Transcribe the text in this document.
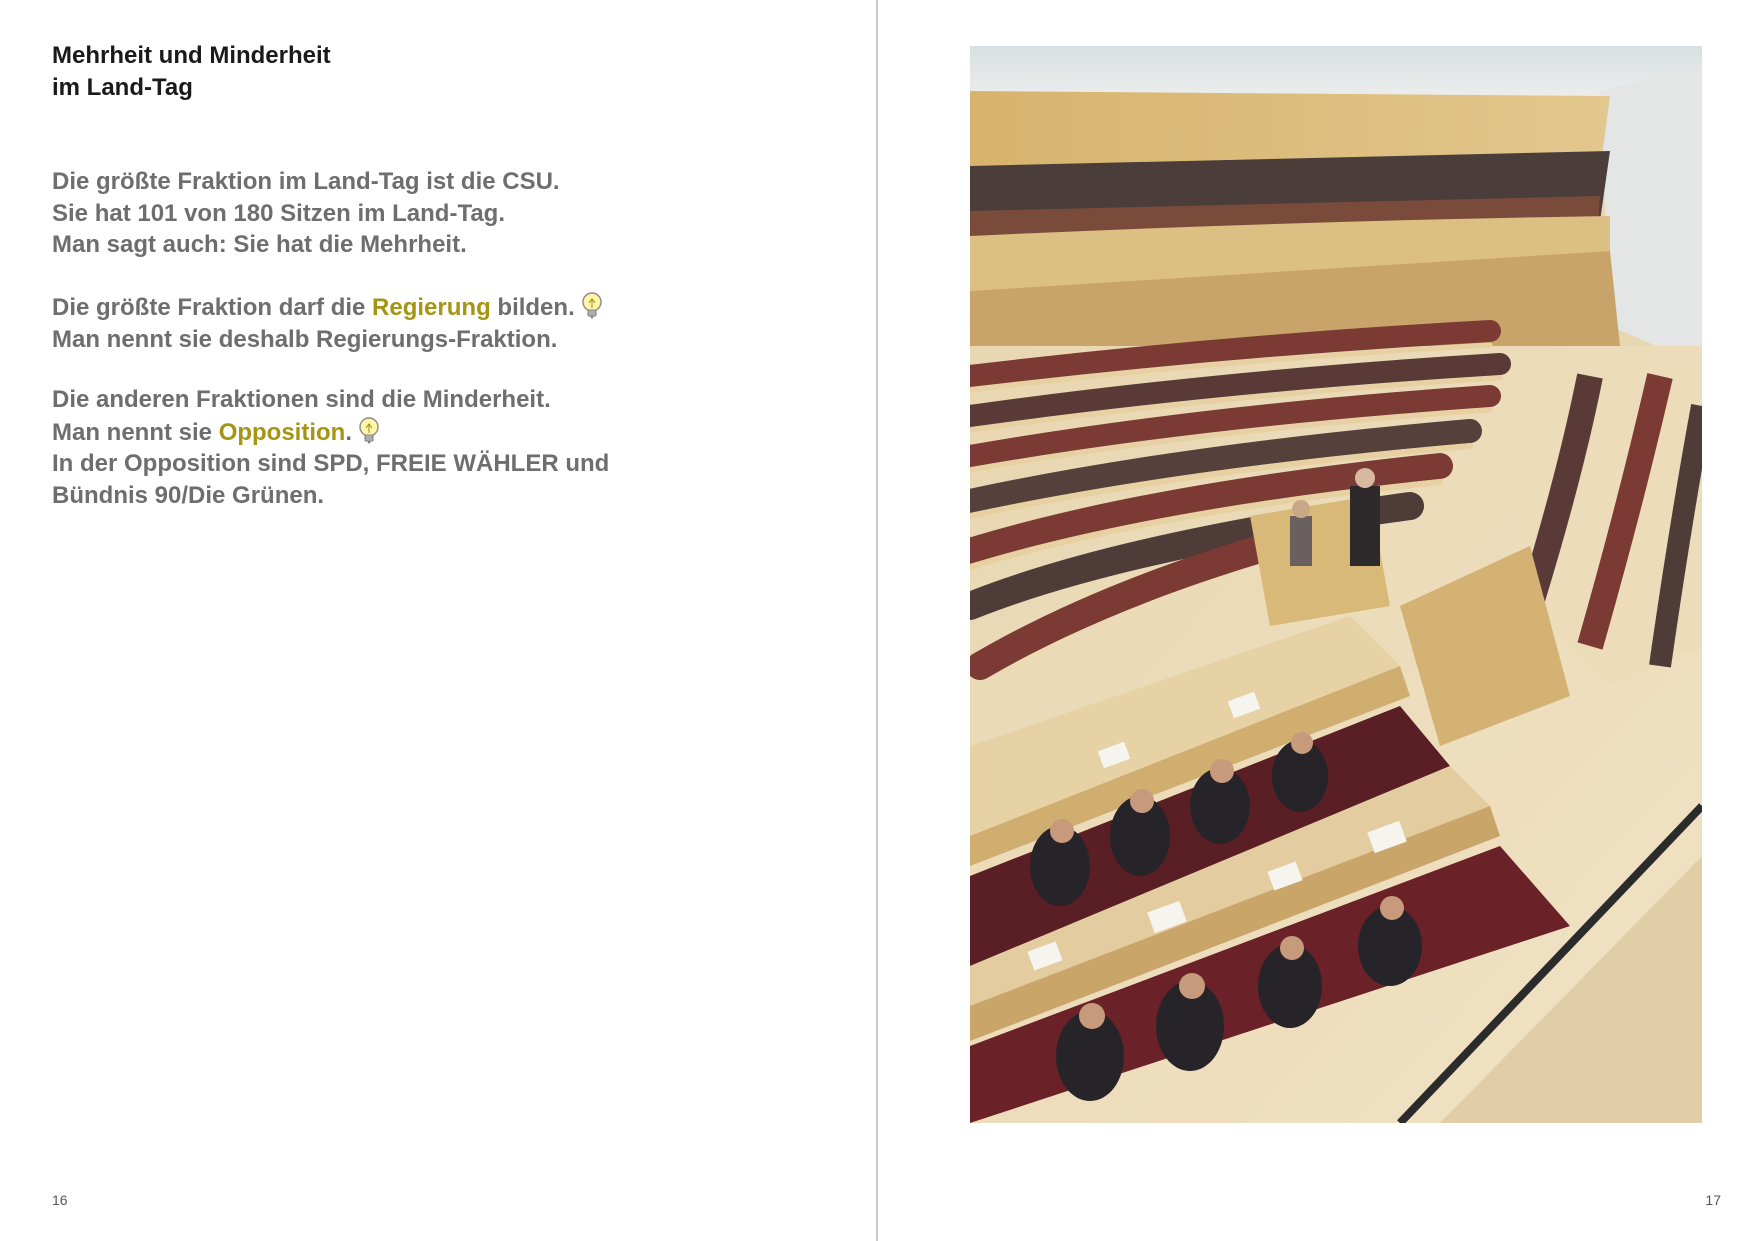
Mehrheit und Minderheit
im Land-Tag

Die größte Fraktion im Land-Tag ist die CSU.
Sie hat 101 von 180 Sitzen im Land-Tag.
Man sagt auch: Sie hat die Mehrheit.

Die größte Fraktion darf die Regierung bilden.
Man nennt sie deshalb Regierungs-Fraktion.

Die anderen Fraktionen sind die Minderheit.
Man nennt sie Opposition.
In der Opposition sind SPD, FREIE WÄHLER und
Bündnis 90/Die Grünen.

16	17
